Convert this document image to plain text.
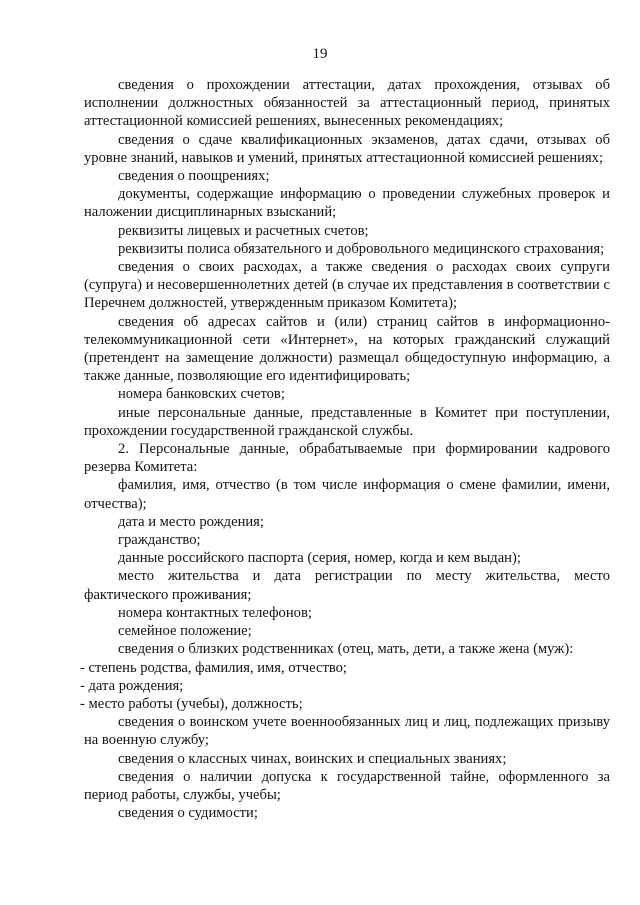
19

сведения о прохождении аттестации, датах прохождения, отзывах об исполнении должностных обязанностей за аттестационный период, принятых аттестационной комиссией решениях, вынесенных рекомендациях;

сведения о сдаче квалификационных экзаменов, датах сдачи, отзывах об уровне знаний, навыков и умений, принятых аттестационной комиссией решениях;

сведения о поощрениях;

документы, содержащие информацию о проведении служебных проверок и наложении дисциплинарных взысканий;

реквизиты лицевых и расчетных счетов;

реквизиты полиса обязательного и добровольного медицинского страхования;

сведения о своих расходах, а также сведения о расходах своих супруги (супруга) и несовершеннолетних детей (в случае их представления в соответствии с Перечнем должностей, утвержденным приказом Комитета);

сведения об адресах сайтов и (или) страниц сайтов в информационно-телекоммуникационной сети «Интернет», на которых гражданский служащий (претендент на замещение должности) размещал общедоступную информацию, а также данные, позволяющие его идентифицировать;

номера банковских счетов;

иные персональные данные, представленные в Комитет при поступлении, прохождении государственной гражданской службы.

2. Персональные данные, обрабатываемые при формировании кадрового резерва Комитета:

фамилия, имя, отчество (в том числе информация о смене фамилии, имени, отчества);

дата и место рождения;

гражданство;

данные российского паспорта (серия, номер, когда и кем выдан);

место жительства и дата регистрации по месту жительства, место фактического проживания;

номера контактных телефонов;

семейное положение;

сведения о близких родственниках (отец, мать, дети, а также жена (муж):

- степень родства, фамилия, имя, отчество;

- дата рождения;

- место работы (учебы), должность;

сведения о воинском учете военнообязанных лиц и лиц, подлежащих призыву на военную службу;

сведения о классных чинах, воинских и специальных званиях;

сведения о наличии допуска к государственной тайне, оформленного за период работы, службы, учебы;

сведения о судимости;
